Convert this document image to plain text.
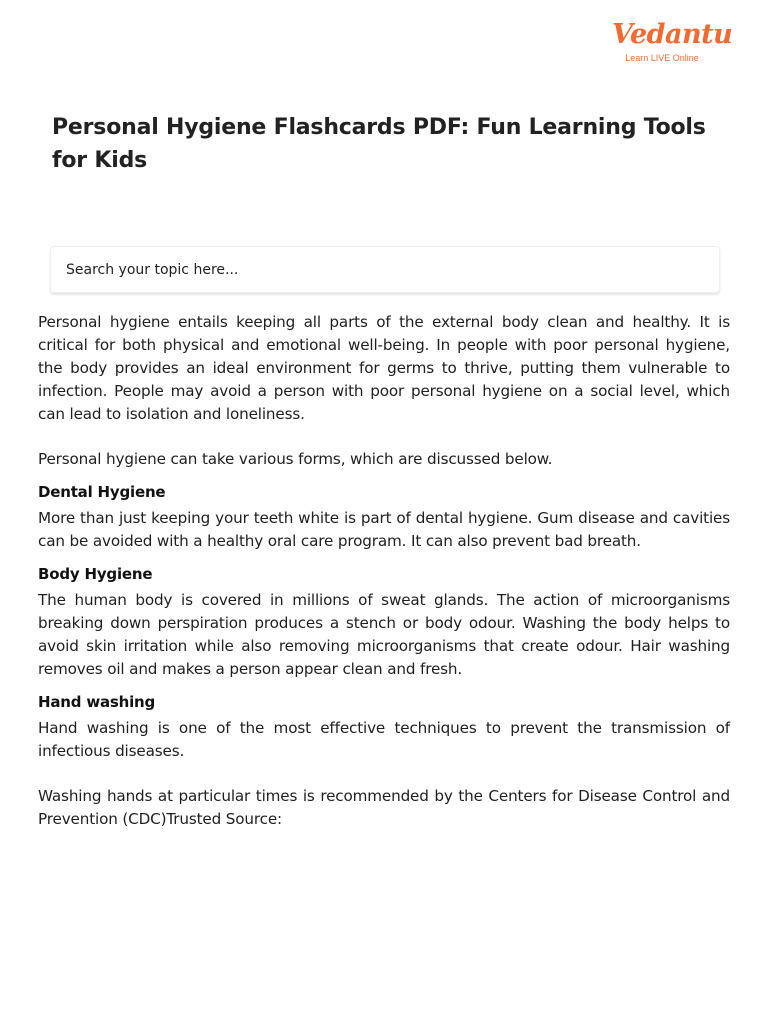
Vedantu
Learn LIVE Online
Personal Hygiene Flashcards PDF: Fun Learning Tools for Kids
Search your topic here...

Personal hygiene entails keeping all parts of the external body clean and healthy. It is critical for both physical and emotional well-being. In people with poor personal hygiene, the body provides an ideal environment for germs to thrive, putting them vulnerable to infection. People may avoid a person with poor personal hygiene on a social level, which can lead to isolation and loneliness.

Personal hygiene can take various forms, which are discussed below.

Dental Hygiene

More than just keeping your teeth white is part of dental hygiene. Gum disease and cavities can be avoided with a healthy oral care program. It can also prevent bad breath.

Body Hygiene

The human body is covered in millions of sweat glands. The action of microorganisms breaking down perspiration produces a stench or body odour. Washing the body helps to avoid skin irritation while also removing microorganisms that create odour. Hair washing removes oil and makes a person appear clean and fresh.

Hand washing

Hand washing is one of the most effective techniques to prevent the transmission of infectious diseases.

Washing hands at particular times is recommended by the Centers for Disease Control and Prevention (CDC)Trusted Source:
